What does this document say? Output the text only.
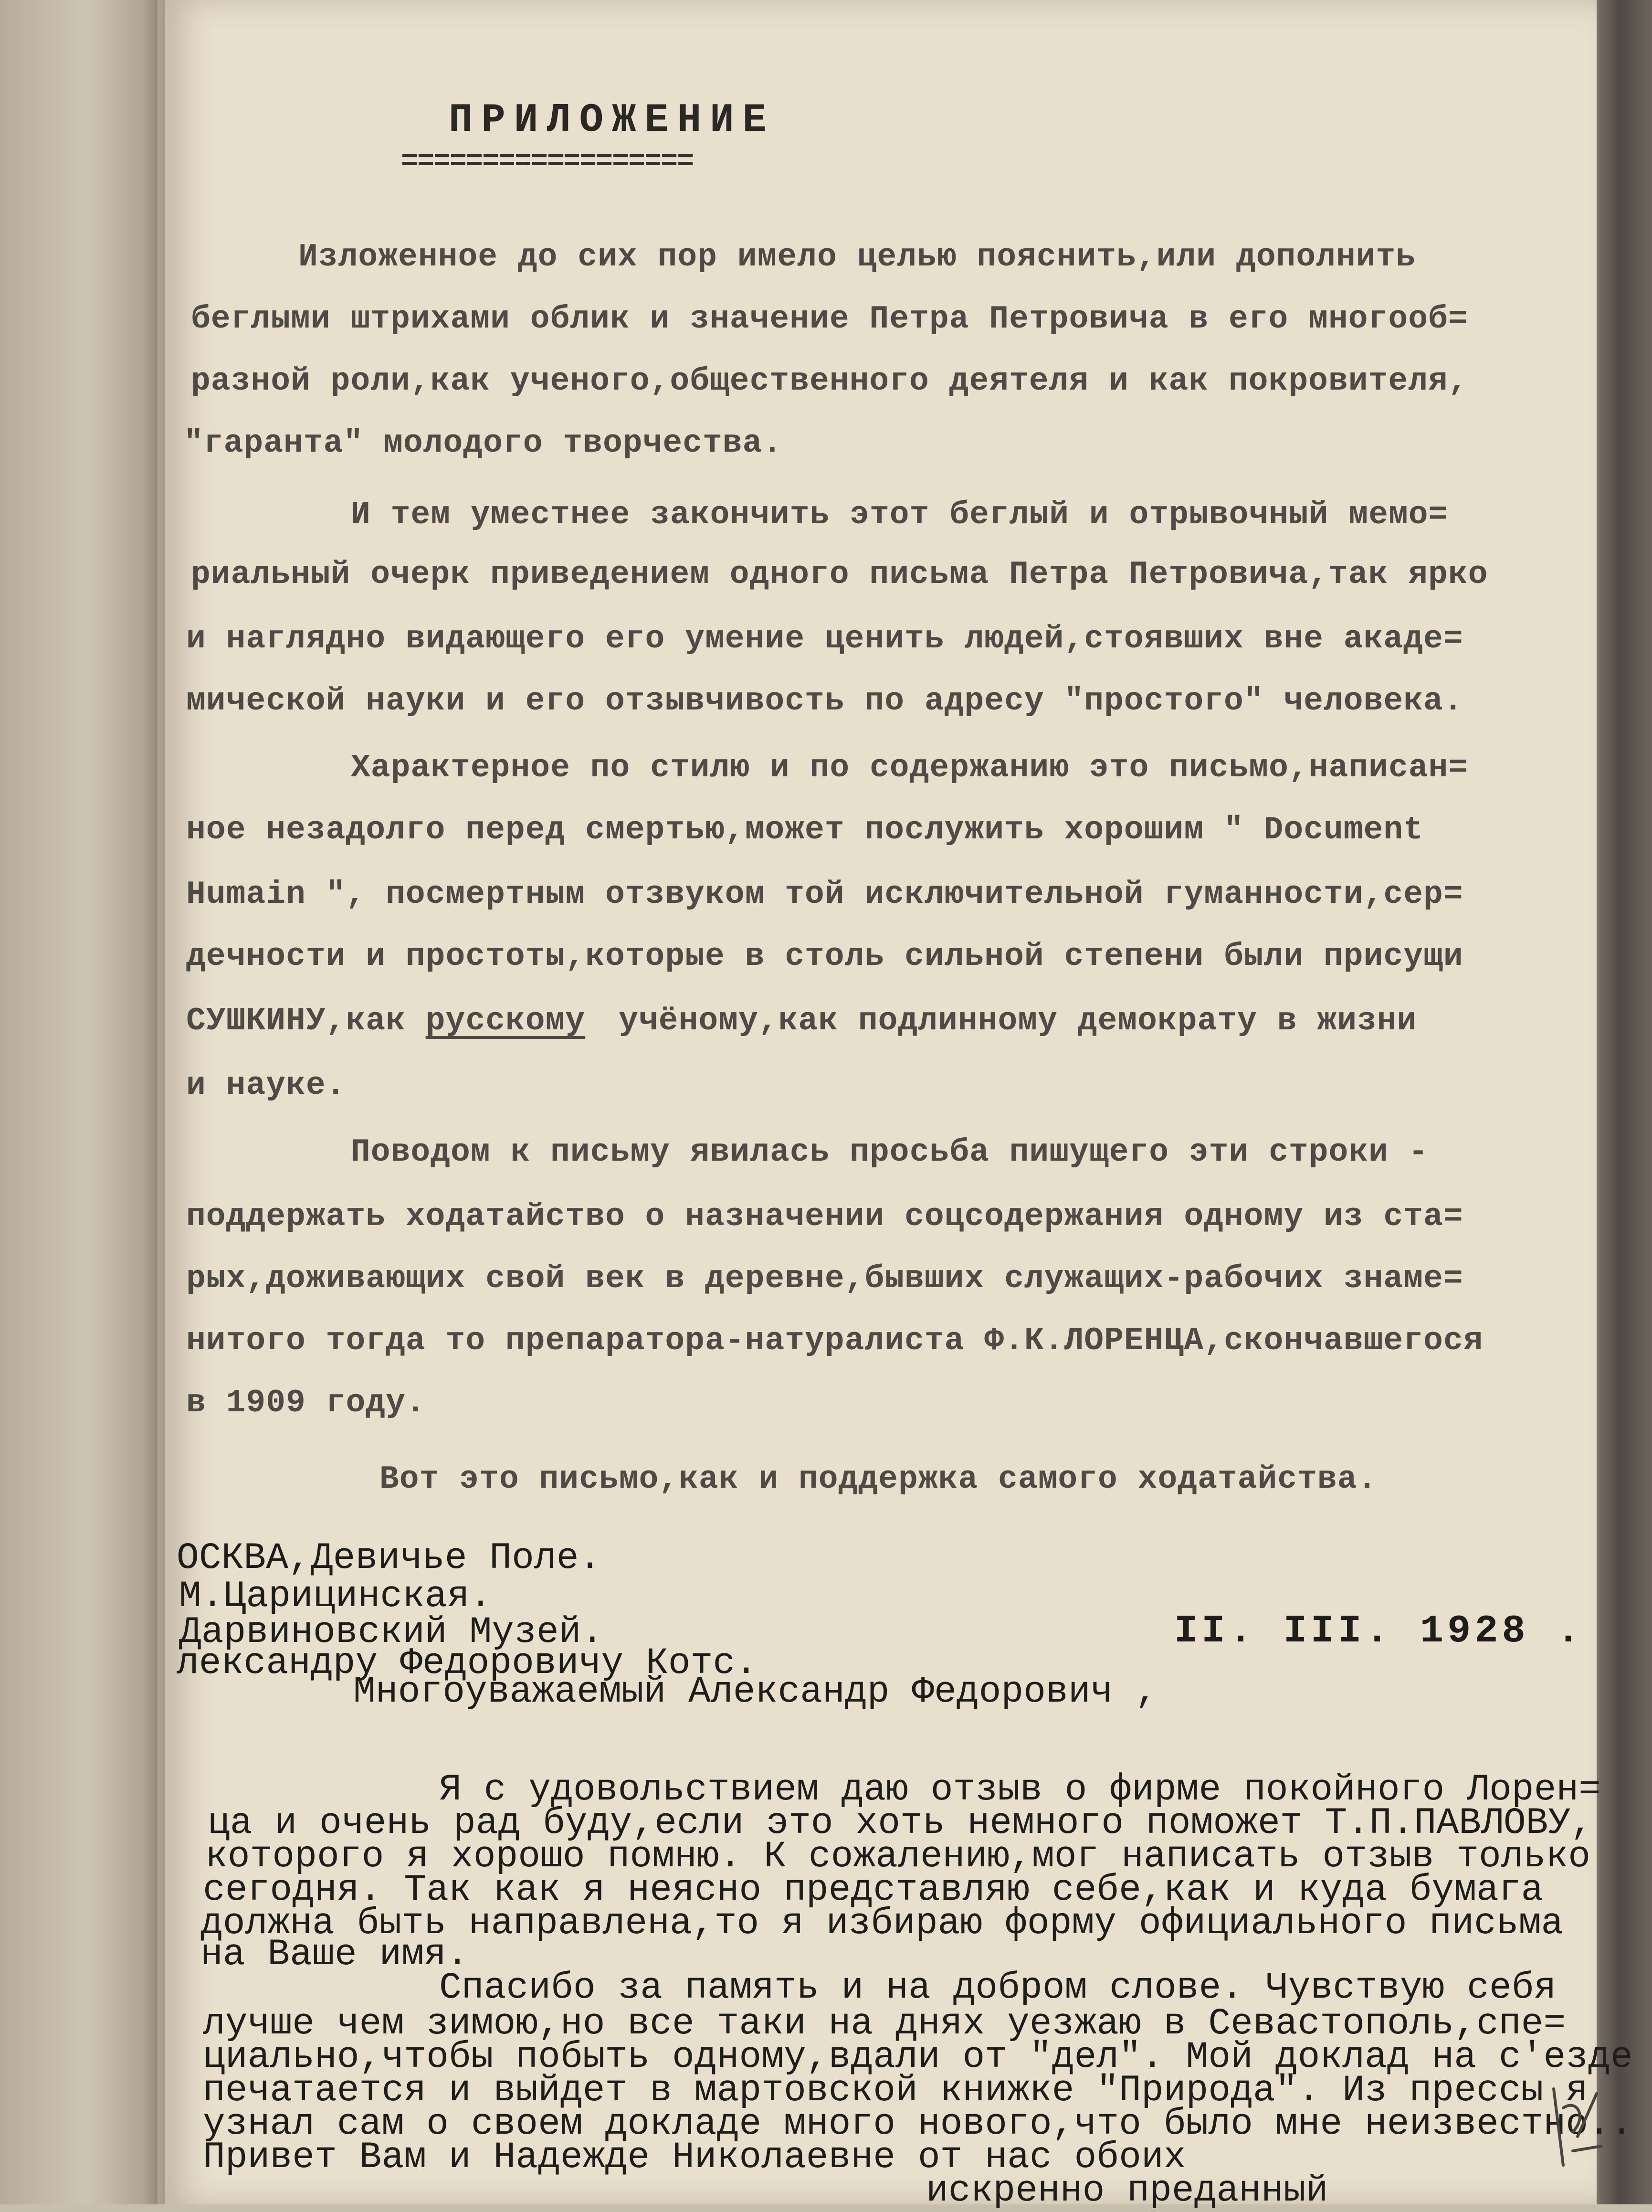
ПРИЛОЖЕНИЕ
==================
Изложенное до сих пор имело целью пояснить,или дополнить
беглыми штрихами облик и значение Петра Петровича в его многооб=
разной роли,как ученого,общественного деятеля и как покровителя,
"гаранта" молодого творчества.
И тем уместнее закончить этот беглый и отрывочный мемо=
риальный очерк приведением одного письма Петра Петровича,так ярко
и наглядно видающего его умение ценить людей,стоявших вне акаде=
мической науки и его отзывчивость по адресу "простого" человека.
Характерное по стилю и по содержанию это письмо,написан=
ное незадолго перед смертью,может послужить хорошим " Document
Humain ", посмертным отзвуком той исключительной гуманности,сер=
дечности и простоты,которые в столь сильной степени были присущи
СУШКИНУ,как русскому учёному,как подлинному демократу в жизни
и науке.
Поводом к письму явилась просьба пишущего эти строки -
поддержать ходатайство о назначении соцсодержания одному из ста=
рых,доживающих свой век в деревне,бывших служащих-рабочих знаме=
нитого тогда то препаратора-натуралиста Ф.К.ЛОРЕНЦА,скончавшегося
в 1909 году.
Вот это письмо,как и поддержка самого ходатайства.
ОСКВА,Девичье Поле.
М.Царицинская.
Дарвиновский Музей.
лександру Федоровичу Котс.
II. III. 1928 .
Многоуважаемый Александр Федорович ,
Я с удовольствием даю отзыв о фирме покойного Лорен=
ца и очень рад буду,если это хоть немного поможет Т.П.ПАВЛОВУ,
которого я хорошо помню. К сожалению,мог написать отзыв только
сегодня. Так как я неясно представляю себе,как и куда бумага
должна быть направлена,то я избираю форму официального письма
на Ваше имя.
Спасибо за память и на добром слове. Чувствую себя
лучше чем зимою,но все таки на днях уезжаю в Севастополь,спе=
циально,чтобы побыть одному,вдали от "дел". Мой доклад на с'езде
печатается и выйдет в мартовской книжке "Природа". Из прессы я
узнал сам о своем докладе много нового,что было мне неизвестно..
Привет Вам и Надежде Николаевне от нас обоих
искренно преданный
